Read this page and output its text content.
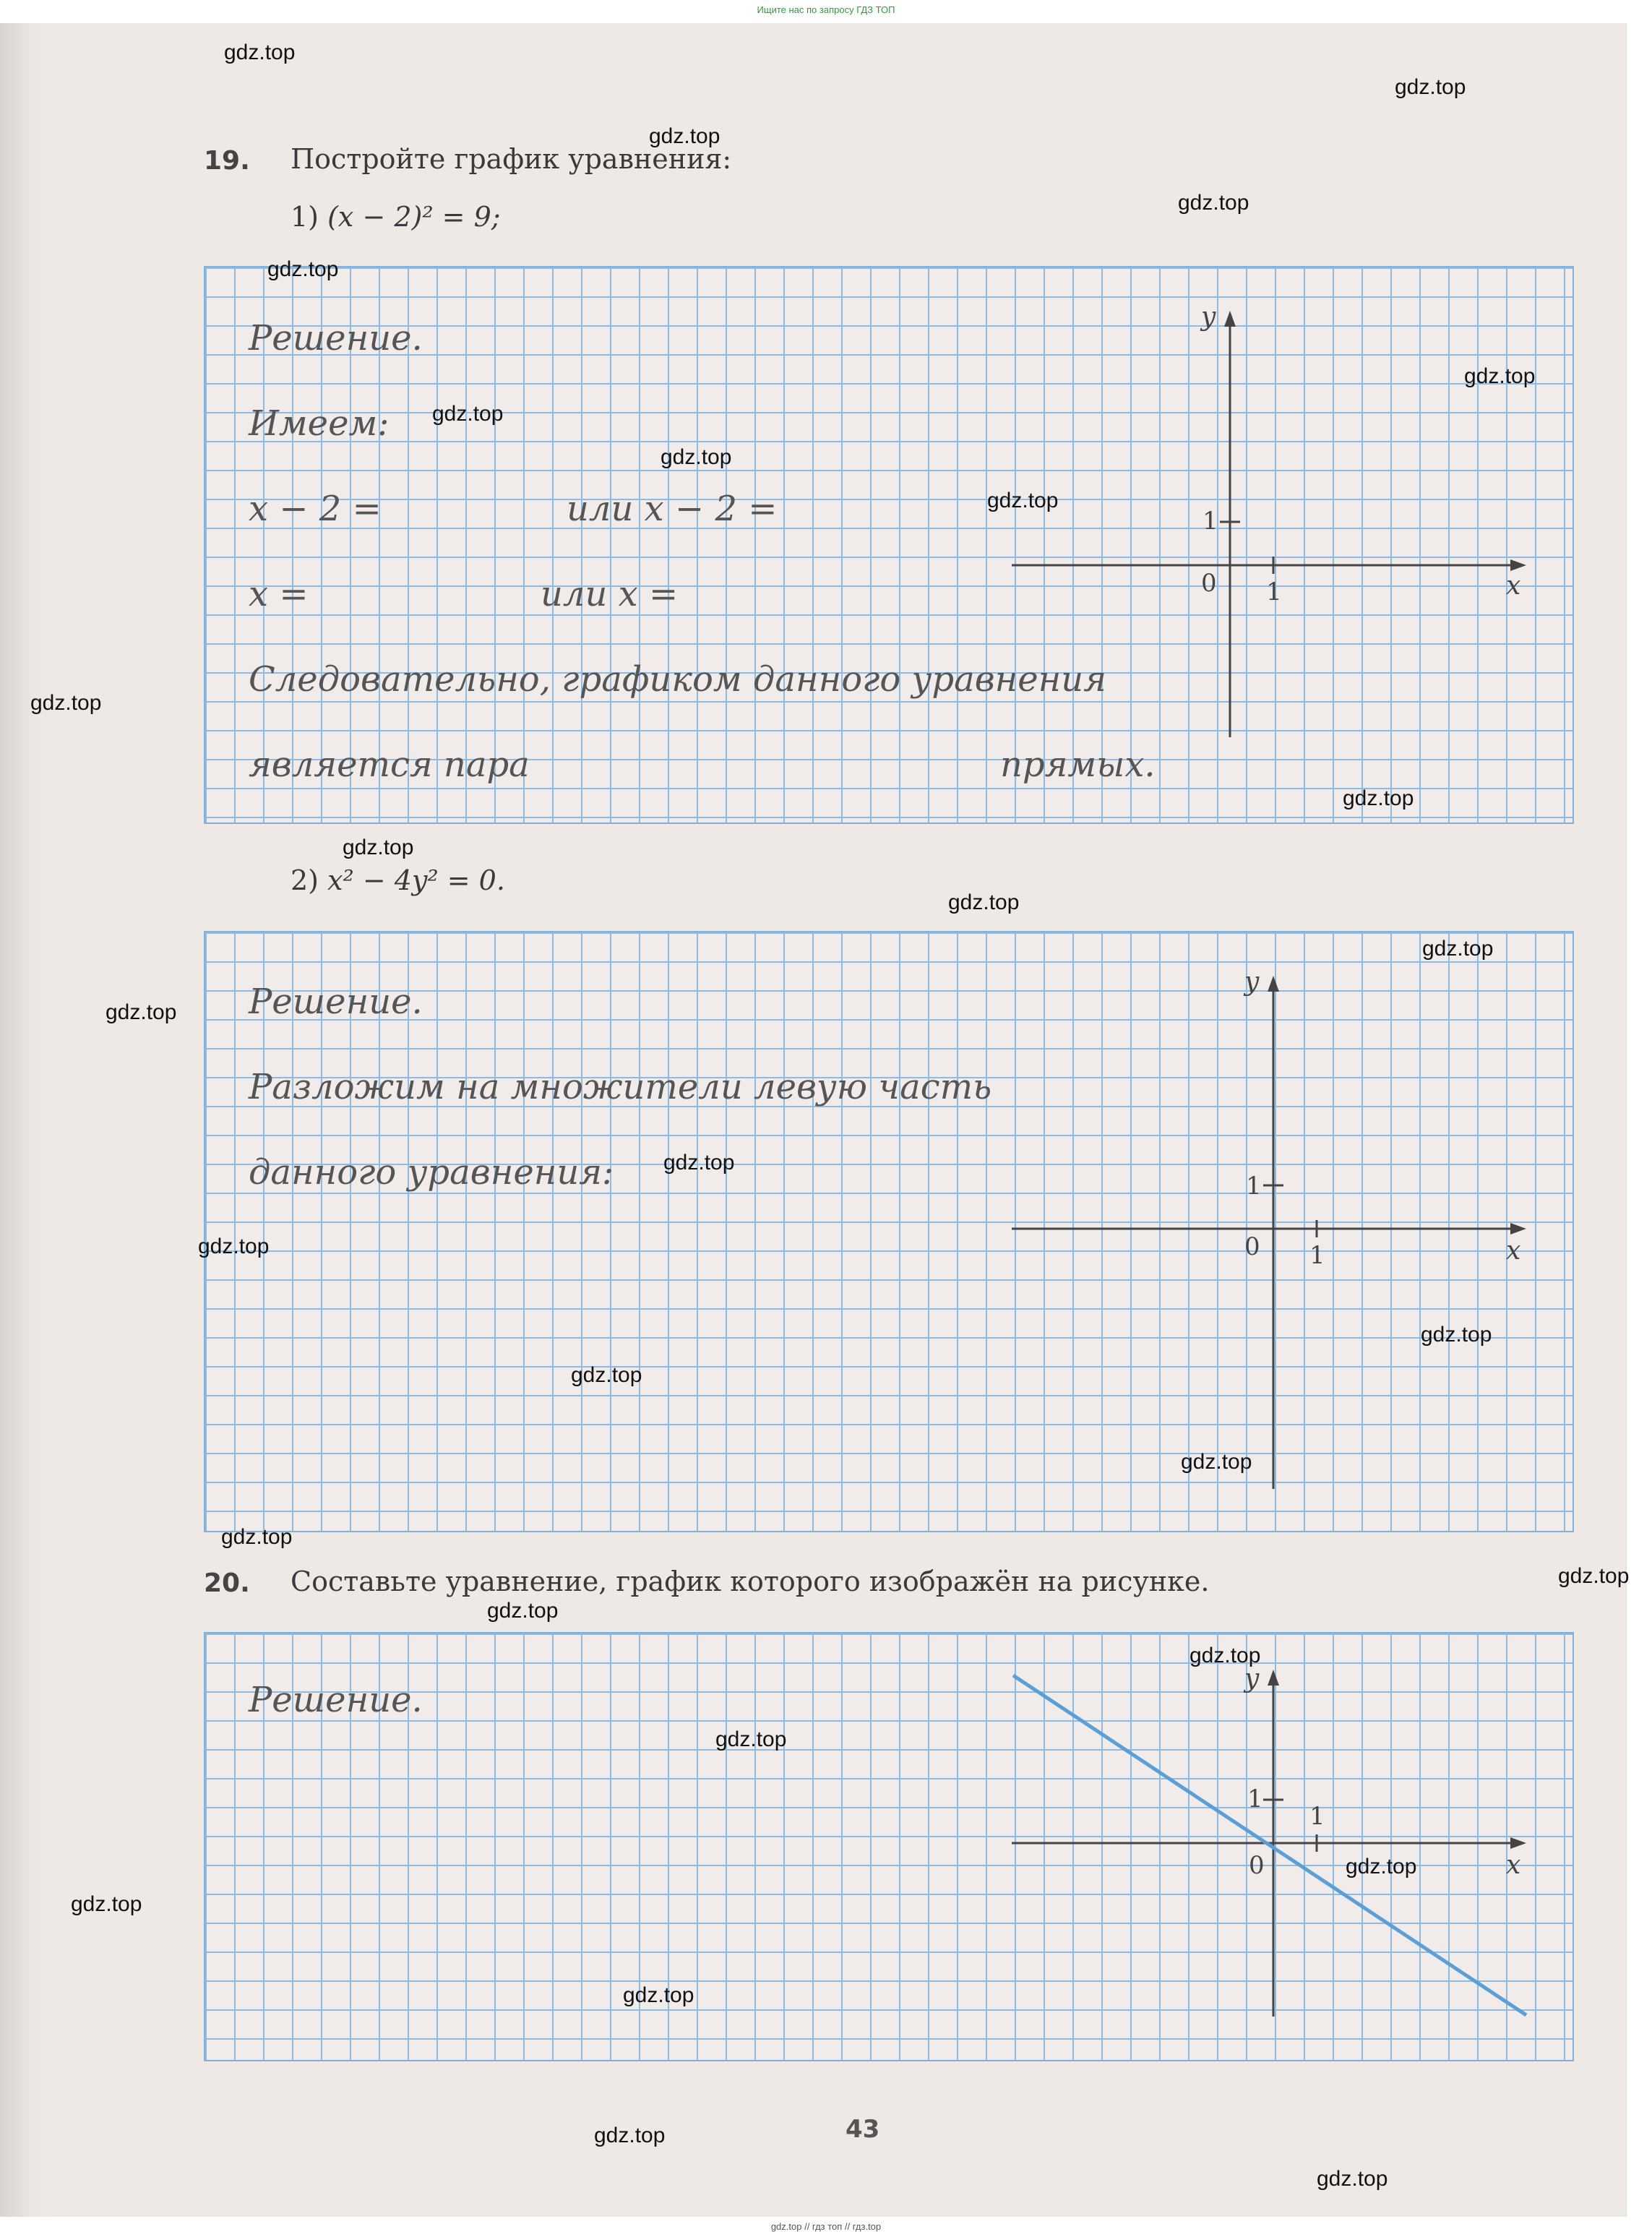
Ищите нас по запросу ГДЗ ТОП
19. Постройте график уравнения:
1) (x − 2)² = 9;
Решение.
Имеем:
x − 2 =	или x − 2 =
x =	или x =
Следовательно, графиком данного уравнения
является пара	прямых.
y
x
0 1
1
2) x² − 4y² = 0.
Решение.
Разложим на множители левую часть
данного уравнения:
y
x
0 1
1
20. Составьте уравнение, график которого изображён на рисунке.
Решение.
y
x
0
1
1
43
gdz.top
gdz.top
gdz.top
gdz.top
gdz.top
gdz.top
gdz.top
gdz.top
gdz.top
gdz.top
gdz.top
gdz.top
gdz.top
gdz.top
gdz.top
gdz.top
gdz.top
gdz.top
gdz.top
gdz.top
gdz.top
gdz.top
gdz.top
gdz.top
gdz.top
gdz.top
gdz.top
gdz.top
gdz.top
gdz.top
gdz.top // гдз топ // гдз.top
